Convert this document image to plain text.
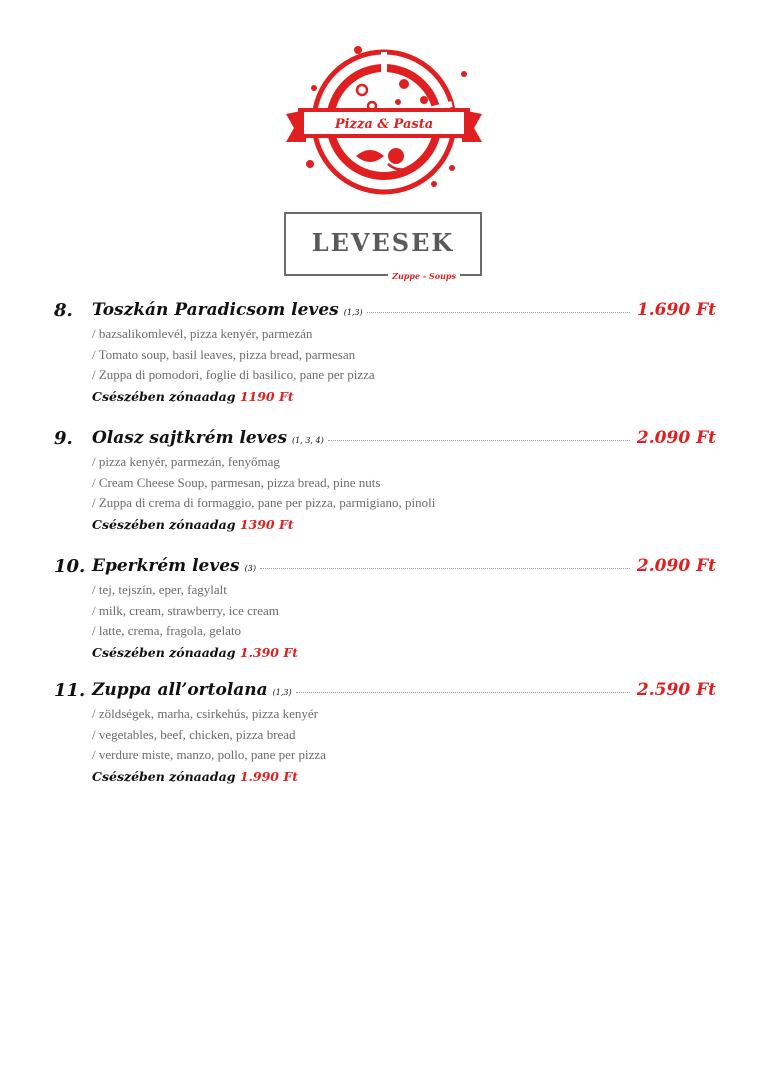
Pizza & Pasta
LEVESEK
Zuppe - Soups
8. Toszkán Paradicsom leves (1,3)	1.690 Ft
/ bazsalikomlevél, pizza kenyér, parmezán
/ Tomato soup, basil leaves, pizza bread, parmesan
/ Zuppa di pomodori, foglie di basilico, pane per pizza
Csészében zónaadag 1190 Ft
9. Olasz sajtkrém leves (1, 3, 4)	2.090 Ft
/ pizza kenyér, parmezán, fenyőmag
/ Cream Cheese Soup, parmesan, pizza bread, pine nuts
/ Zuppa di crema di formaggio, pane per pizza, parmigiano, pinoli
Csészében zónaadag 1390 Ft
10. Eperkrém leves (3)	2.090 Ft
/ tej, tejszín, eper, fagylalt
/ milk, cream, strawberry, ice cream
/ latte, crema, fragola, gelato
Csészében zónaadag 1.390 Ft
11. Zuppa all’ortolana (1,3)	2.590 Ft
/ zöldségek, marha, csirkehús, pizza kenyér
/ vegetables, beef, chicken, pizza bread
/ verdure miste, manzo, pollo, pane per pizza
Csészében zónaadag 1.990 Ft
